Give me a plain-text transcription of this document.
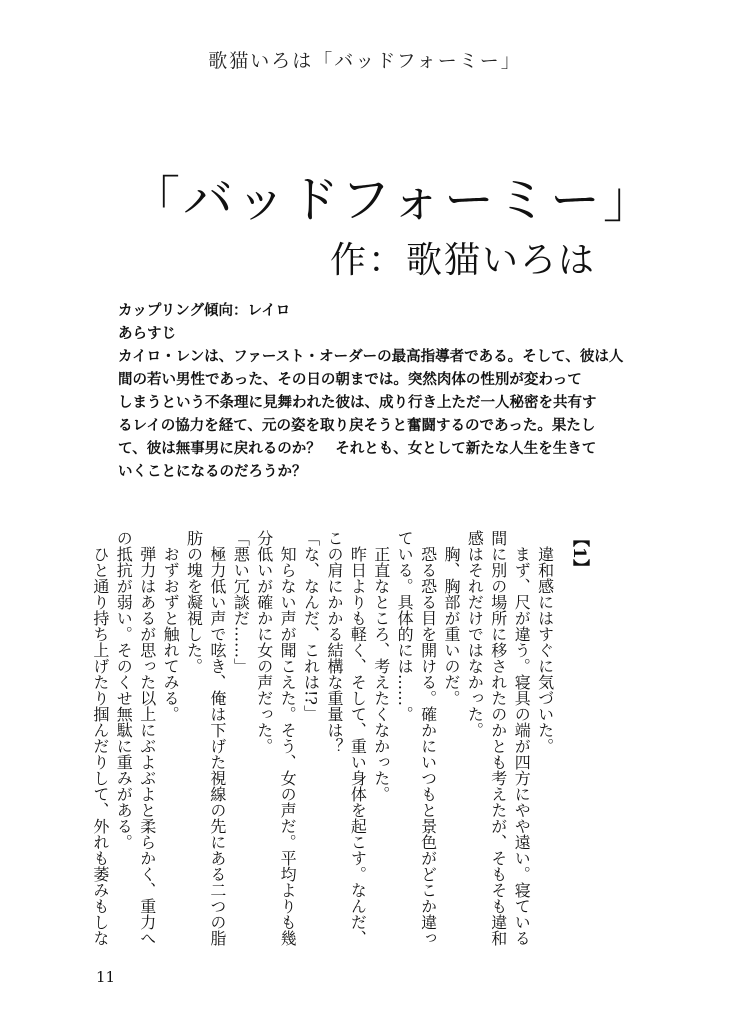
歌猫いろは「バッドフォーミー」
「バッドフォーミー」
作：歌猫いろは
カップリング傾向：レイロ
あらすじ
カイロ・レンは、ファースト・オーダーの最高指導者である。そして、彼は人
間の若い男性であった、その日の朝までは。突然肉体の性別が変わって
しまうという不条理に見舞われた彼は、成り行き上ただ一人秘密を共有す
るレイの協力を経て、元の姿を取り戻そうと奮闘するのであった。果たし
て、彼は無事男に戻れるのか？　それとも、女として新たな人生を生きて
いくことになるのだろうか？
【1】
　違和感にはすぐに気づいた。
　まず、尺が違う。寝具の端が四方にやや遠い。寝ている
間に別の場所に移されたのかとも考えたが、そもそも違和
感はそれだけではなかった。
　胸、胸部が重いのだ。
　恐る恐る目を開ける。確かにいつもと景色がどこか違っ
ている。具体的には……。
　正直なところ、考えたくなかった。
　昨日よりも軽く、そして、重い身体を起こす。なんだ、
この肩にかかる結構な重量は？
「な、なんだ、これは!?」
　知らない声が聞こえた。そう、女の声だ。平均よりも幾
分低いが確かに女の声だった。
「悪い冗談だ……」
　極力低い声で呟き、俺は下げた視線の先にある二つの脂
肪の塊を凝視した。
　おずおずと触れてみる。
　弾力はあるが思った以上にぶよぶよと柔らかく、重力へ
の抵抗が弱い。そのくせ無駄に重みがある。
　ひと通り持ち上げたり掴んだりして、外れも萎みもしな
11
